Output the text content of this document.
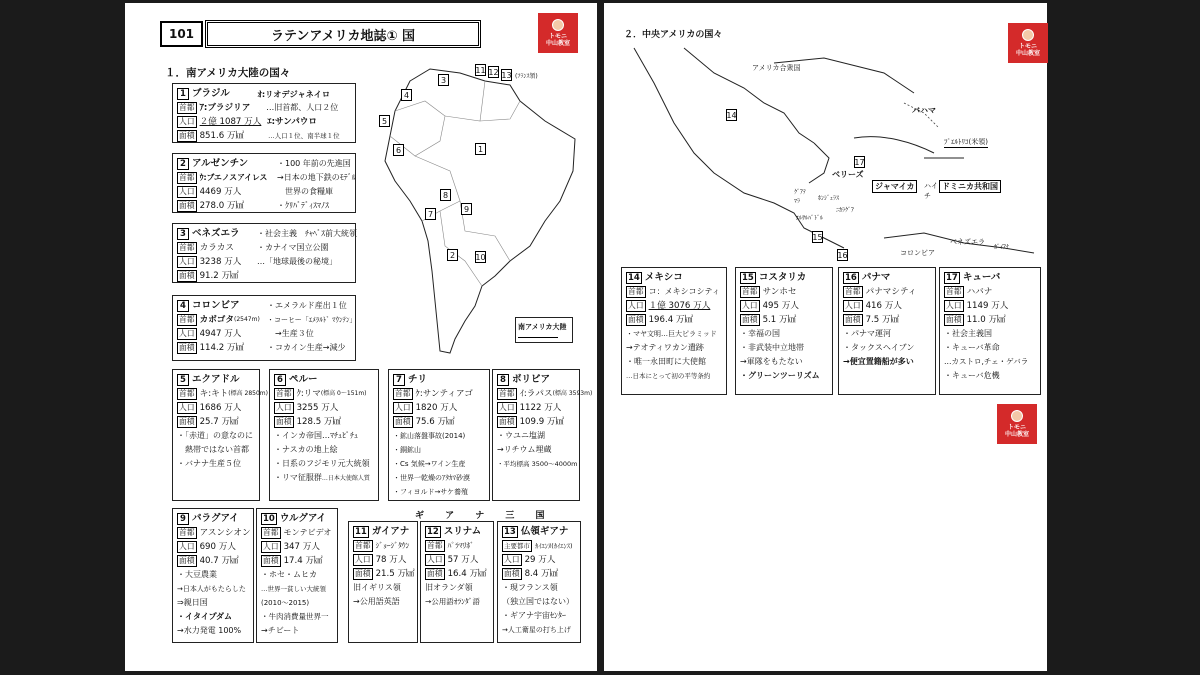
101	ラテンアメリカ地誌① 国	トモニ
中山教室
１．南アメリカ大陸の国々
4
3
11 12 13 (ﾌﾗﾝｽ領)
5
6	1
8
9
7
2	10
南アメリカ大陸
1 ブラジル	ｵ:リオデジャネイロ
首都 ｱ:ブラジリア …旧首都、人口２位
人口 ２億 1087 万人 ｴ:サンパウロ
面積 851.6 万㎢	…人口１位、南半球１位
2 アルゼンチン
首都 ｳ:ブエノスアイレス
人口 4469 万人
面積 278.0 万㎢
・100 年前の先進国
→日本の地下鉄のﾓﾃﾞﾙ
　世界の食糧庫
・ｸﾘﾊﾞﾃﾞｨｽﾏﾉｽ
3 ベネズエラ
首都 カラカス
人口 3238 万人
面積 91.2 万㎢
・社会主義　ﾁｬﾍﾞｽ前大統領
・カナイマ国立公園
…「地球最後の秘境」
4 コロンビア
首都 カボゴタ (2547m)
人口 4947 万人
面積 114.2 万㎢
・エメラルド産出１位
・コーヒー「ｴﾒﾗﾙﾄﾞ ﾏｳﾝﾃﾝ」
　→生産３位
・コカイン生産→減少
5 エクアドル
首都 キ:キト (標高 2850m)
人口 1686 万人
面積 25.7 万㎢
・「赤道」の意なのに
　熱帯ではない首都
・バナナ生産５位
6 ペルー
首都 ｸ:リマ (標高 0〜151m)
人口 3255 万人
面積 128.5 万㎢
・インカ帝国…ﾏﾁｭﾋﾟﾁｭ
・ナスカの地上絵
・日系のフジモリ元大統領
・リマ征服群…日本大使館人質
7 チリ
首都 ｹ:サンティアゴ
人口 1820 万人
面積 75.6 万㎢
・鉱山落盤事故(2014)
・銅鉱山
・Cs 気候→ワイン生産
・世界一乾燥のｱﾀｶﾏ砂漠
・フィヨルド→サケ養殖
8 ボリビア
首都 ｲ:ラパス (標高 3593m)
人口 1122 万人
面積 109.9 万㎢
・ウユニ塩湖
→リチウム埋蔵
・平均標高 3500〜4000m
9 パラグアイ
首都 アスンシオン
人口 690 万人
面積 40.7 万㎢
・大豆農業
→日本人がもたらした
⇒親日国
・イタイプダム
→水力発電 100%
10 ウルグアイ
首都 モンテビデオ
人口 347 万人
面積 17.4 万㎢
・ホセ・ムヒカ
…世界一貧しい大統領
(2010〜2015)
・牛肉消費量世界一
→チビート
ギ ア ナ 三 国
11 ガイアナ
首都 ｼﾞｮｰｼﾞﾀｳﾝ
人口 78 万人
面積 21.5 万㎢
旧イギリス領
→公用語英語
12 スリナム
首都 ﾊﾟﾗﾏﾘﾎﾞ
人口 57 万人
面積 16.4 万㎢
旧オランダ領
→公用語ｵﾗﾝﾀﾞ語
13 仏領ギアナ
主要都市 ｶｲｴﾝﾇ(ｶｲｴﾝｽ)
人口 29 万人
面積 8.4 万㎢
・現フランス領
（独立国ではない）
・ギアナ宇宙ｾﾝﾀｰ
→人工衛星の打ち上げ
２．中央アメリカの国々
トモニ
中山教室
トモニ
中山教室
アメリカ合衆国
14	バハマ
ﾌﾟｴﾙﾄﾘｺ(米領)
17
ベリーズ
ジャマイカ	ハイ
チ
ドミニカ共和国
ｸﾞｱﾃ
ﾏﾗ	ﾎﾝｼﾞｭﾗｽ
ｴﾙｻﾙﾊﾞﾄﾞﾙ
ﾆｶﾗｸﾞｱ
15
16	コロンビア
ベネズエラ
ｶﾞｲｱﾅ
14 メキシコ
首都 コ：メキシコシティ
人口 １億 3076 万人
面積 196.4 万㎢
・マヤ文明…巨大ピラミッド
→テオティワカン遺跡
・唯一永田町に大使館
…日本にとって初の平等条約
15 コスタリカ
首都 サンホセ
人口 495 万人
面積 5.1 万㎢
・幸福の国
・非武装中立地帯
→軍隊をもたない
・グリーンツーリズム
16 パナマ
首都 パナマシティ
人口 416 万人
面積 7.5 万㎢
・パナマ運河
・タックスヘイブン
→便宜置籍船が多い
17 キューバ
首都 ハバナ
人口 1149 万人
面積 11.0 万㎢
・社会主義国
・キューバ革命
…カストロ,チェ・ゲバラ
・キューバ危機
